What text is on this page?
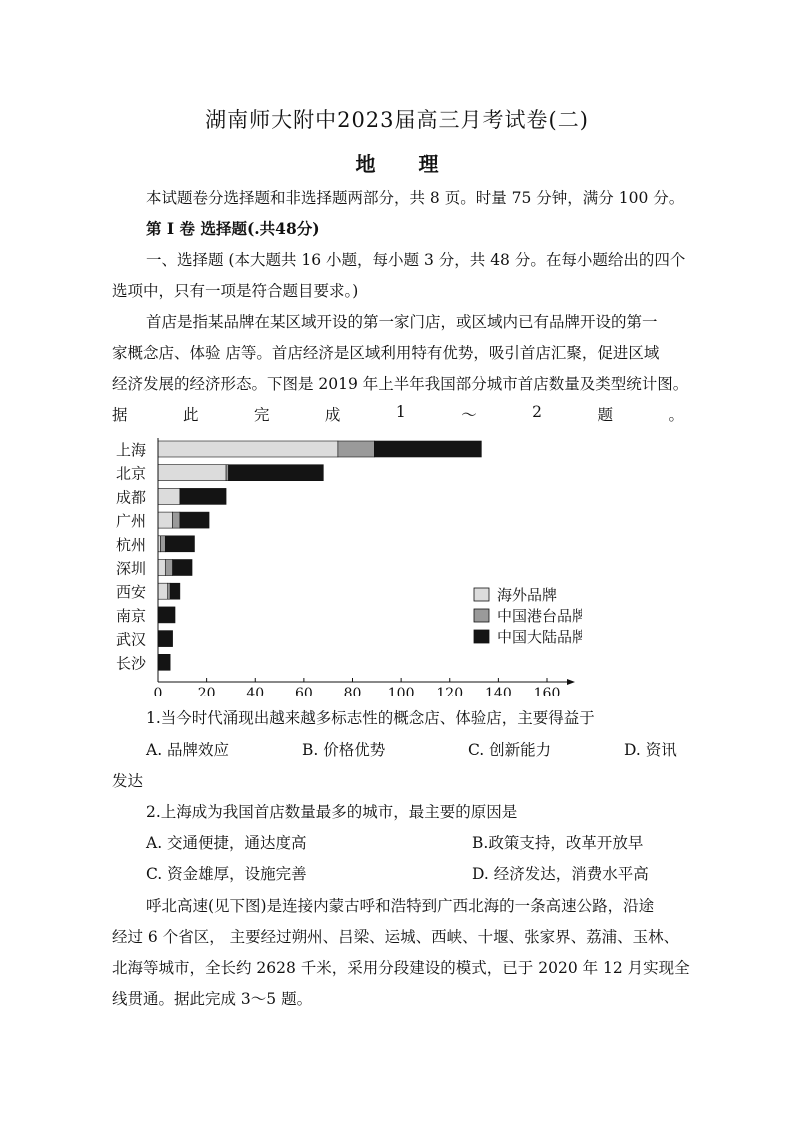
湖南师大附中2023届高三月考试卷(二)
地 理
本试题卷分选择题和非选择题两部分，共 8 页。时量 75 分钟，满分 100 分。
第 I 卷 选择题(.共48分)
一、选择题 (本大题共 16 小题，每小题 3 分，共 48 分。在每小题给出的四个
选项中，只有一项是符合题目要求。)
首店是指某品牌在某区域开设的第一家门店，或区域内已有品牌开设的第一
家概念店、体验 店等。首店经济是区域利用特有优势，吸引首店汇聚，促进区域
经济发展的经济形态。下图是 2019 年上半年我国部分城市首店数量及类型统计图。
据	此	完	成	1	～	2	题	。
上海
北京
成都
广州
杭州
深圳
西安
南京
武汉
长沙
0	20 40 60 80 100 120 140 160
海外品牌
中国港台品牌
中国大陆品牌
1.当今时代涌现出越来越多标志性的概念店、体验店，主要得益于
A. 品牌效应	B. 价格优势	C. 创新能力	D. 资讯
发达
2.上海成为我国首店数量最多的城市，最主要的原因是
A. 交通便捷，通达度高	B.政策支持，改革开放早
C. 资金雄厚，设施完善	D. 经济发达，消费水平高
呼北高速(见下图)是连接内蒙古呼和浩特到广西北海的一条高速公路，沿途
经过 6 个省区， 主要经过朔州、吕梁、运城、西峡、十堰、张家界、荔浦、玉林、
北海等城市，全长约 2628 千米，采用分段建设的模式，已于 2020 年 12 月实现全
线贯通。据此完成 3～5 题。
